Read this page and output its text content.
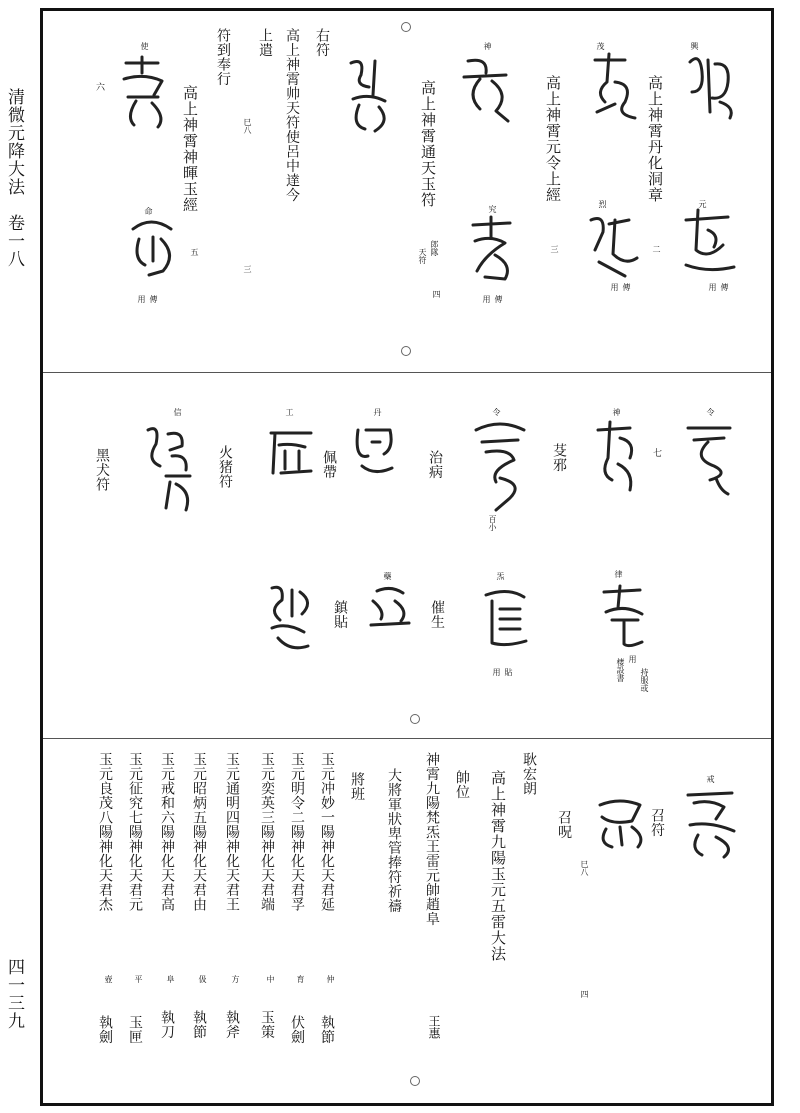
清微元降大法　卷一八
四一三九
興
高上神霄丹化洞章
二
元
傳
用
茂
高上神霄元令上經
三
烈
用 傳
神
高上神霄通天玉符
郎隊
天符
四
究
用 傳
右符
高上神霄帅天符使呂中達今
上遣
符到奉行
巳八
三
高上神霄神暉玉經
五
使
六
命
用 傳
令
七
神
芟邪
令
百小
治病
丹
佩帶
工
火猪符
信
黑犬符
律
用
持服或
棲設書
炁
用 貼
催生
藥
鎮貼
戒
召符
召呪
巳八
四
耿宏朗
高上神霄九陽玉元五雷大法
王惠
帥位
神霄九陽梵炁王雷元帥趙阜
大將軍狀卑管捧符祈禱
將班
玉元冲妙一陽神化天君延
仲
執節
玉元明令二陽神化天君孚
育
伏劍
玉元奕英三陽神化天君端
中
玉策
玉元通明四陽神化天君王
方
執斧
玉元昭炳五陽神化天君由
伋
執節
玉元戒和六陽神化天君高
阜
執刀
玉元征究七陽神化天君元
平
玉匣
玉元良茂八陽神化天君杰
壺
執劍
